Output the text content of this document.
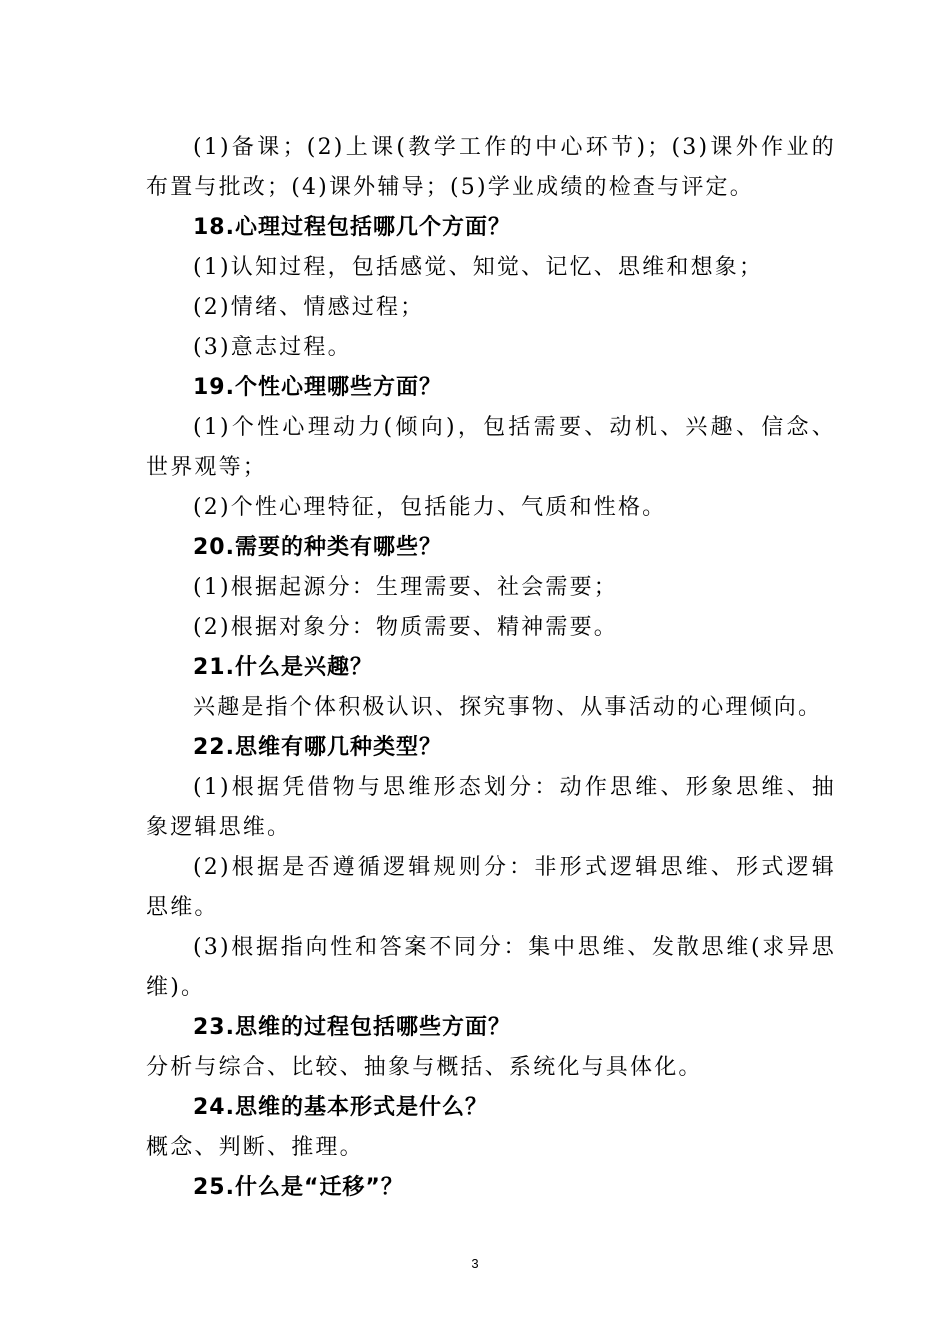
(1)备课；(2)上课(教学工作的中心环节)；(3)课外作业的
布置与批改；(4)课外辅导；(5)学业成绩的检查与评定。
18.心理过程包括哪几个方面？
(1)认知过程，包括感觉、知觉、记忆、思维和想象；
(2)情绪、情感过程；
(3)意志过程。
19.个性心理哪些方面？
(1)个性心理动力(倾向)，包括需要、动机、兴趣、信念、
世界观等；
(2)个性心理特征，包括能力、气质和性格。
20.需要的种类有哪些？
(1)根据起源分：生理需要、社会需要；
(2)根据对象分：物质需要、精神需要。
21.什么是兴趣？
兴趣是指个体积极认识、探究事物、从事活动的心理倾向。
22.思维有哪几种类型？
(1)根据凭借物与思维形态划分：动作思维、形象思维、抽
象逻辑思维。
(2)根据是否遵循逻辑规则分：非形式逻辑思维、形式逻辑
思维。
(3)根据指向性和答案不同分：集中思维、发散思维(求异思
维)。
23.思维的过程包括哪些方面？
分析与综合、比较、抽象与概括、系统化与具体化。
24.思维的基本形式是什么？
概念、判断、推理。
25.什么是“迁移”？
3
